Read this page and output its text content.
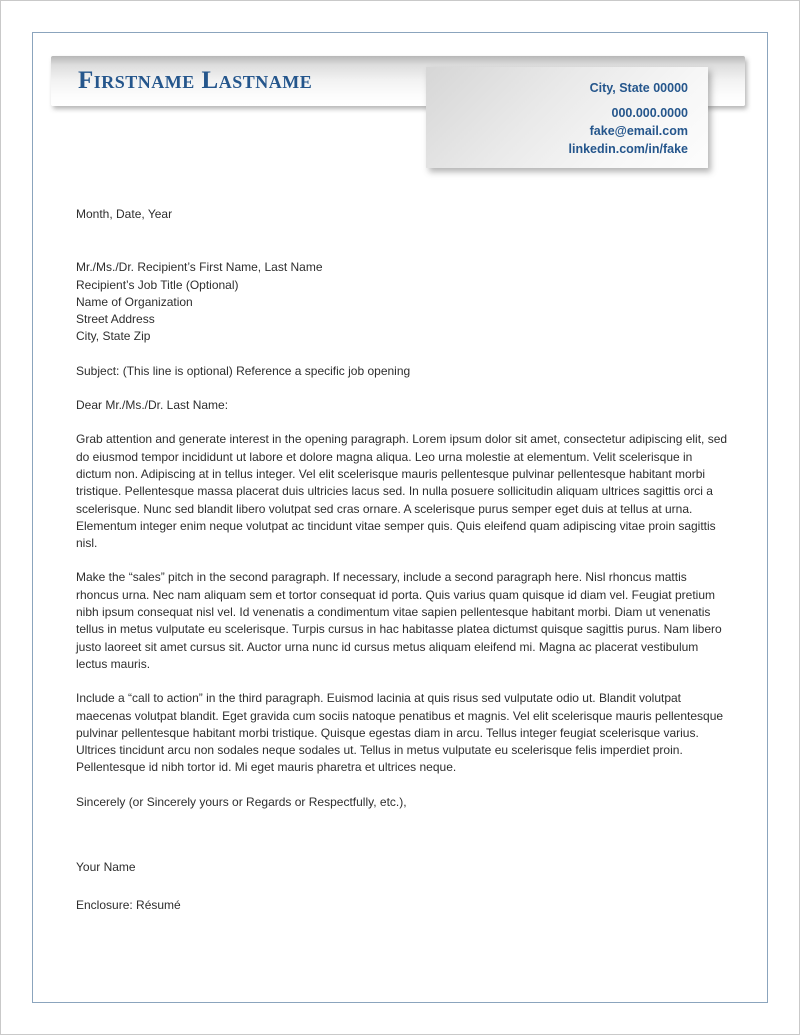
Firstname Lastname	City, State 00000
000.000.0000
fake@email.com
linkedin.com/in/fake

Month, Date, Year

Mr./Ms./Dr. Recipient’s First Name, Last Name
Recipient’s Job Title (Optional)
Name of Organization
Street Address
City, State Zip

Subject: (This line is optional) Reference a specific job opening

Dear Mr./Ms./Dr. Last Name:

Grab attention and generate interest in the opening paragraph. Lorem ipsum dolor sit amet, consectetur adipiscing elit, sed do eiusmod tempor incididunt ut labore et dolore magna aliqua. Leo urna molestie at elementum. Velit scelerisque in dictum non. Adipiscing at in tellus integer. Vel elit scelerisque mauris pellentesque pulvinar pellentesque habitant morbi tristique. Pellentesque massa placerat duis ultricies lacus sed. In nulla posuere sollicitudin aliquam ultrices sagittis orci a scelerisque. Nunc sed blandit libero volutpat sed cras ornare. A scelerisque purus semper eget duis at tellus at urna. Elementum integer enim neque volutpat ac tincidunt vitae semper quis. Quis eleifend quam adipiscing vitae proin sagittis nisl.

Make the “sales” pitch in the second paragraph. If necessary, include a second paragraph here. Nisl rhoncus mattis rhoncus urna. Nec nam aliquam sem et tortor consequat id porta. Quis varius quam quisque id diam vel. Feugiat pretium nibh ipsum consequat nisl vel. Id venenatis a condimentum vitae sapien pellentesque habitant morbi. Diam ut venenatis tellus in metus vulputate eu scelerisque. Turpis cursus in hac habitasse platea dictumst quisque sagittis purus. Nam libero justo laoreet sit amet cursus sit. Auctor urna nunc id cursus metus aliquam eleifend mi. Magna ac placerat vestibulum lectus mauris.

Include a “call to action” in the third paragraph. Euismod lacinia at quis risus sed vulputate odio ut. Blandit volutpat maecenas volutpat blandit. Eget gravida cum sociis natoque penatibus et magnis. Vel elit scelerisque mauris pellentesque pulvinar pellentesque habitant morbi tristique. Quisque egestas diam in arcu. Tellus integer feugiat scelerisque varius. Ultrices tincidunt arcu non sodales neque sodales ut. Tellus in metus vulputate eu scelerisque felis imperdiet proin. Pellentesque id nibh tortor id. Mi eget mauris pharetra et ultrices neque.

Sincerely (or Sincerely yours or Regards or Respectfully, etc.),

Your Name

Enclosure: Résumé
